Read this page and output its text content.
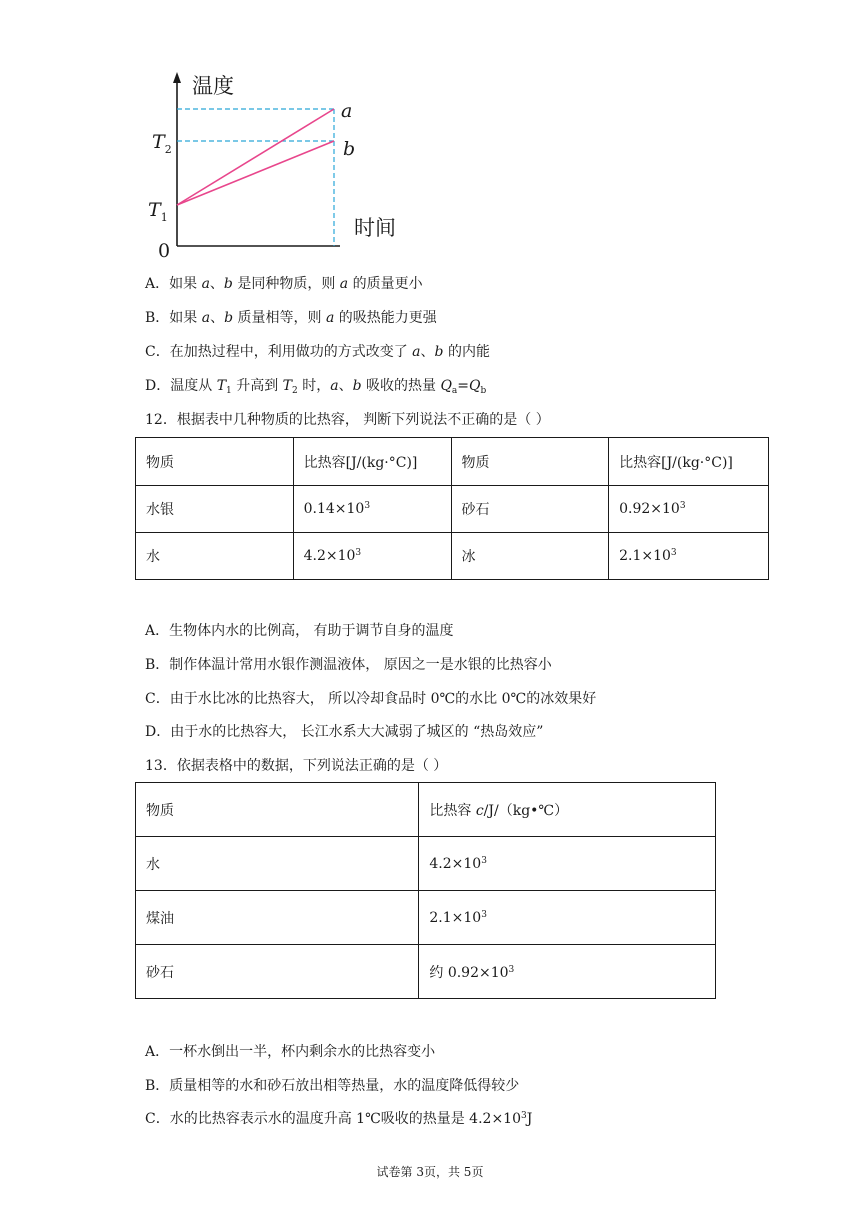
温度
时间
0
$T_2$
$T_1$
a
b
A．如果 a、b 是同种物质，则 a 的质量更小
B．如果 a、b 质量相等，则 a 的吸热能力更强
C．在加热过程中，利用做功的方式改变了 a、b 的内能
D．温度从 $T_1$ 升高到 $T_2$ 时，a、b 吸收的热量 $Q_a=Q_b$
12．根据表中几种物质的比热容， 判断下列说法不正确的是（ ）
物质	比热容[J/(kg·°C)]	物质	比热容[J/(kg·°C)]
水银	$0.14\times 10^3$	砂石	$0.92\times 10^3$
水	$4.2\times 10^3$	冰	$2.1\times 10^3$
A．生物体内水的比例高， 有助于调节自身的温度
B．制作体温计常用水银作测温液体， 原因之一是水银的比热容小
C．由于水比冰的比热容大， 所以冷却食品时 0℃的水比 0℃的冰效果好
D．由于水的比热容大， 长江水系大大减弱了城区的 “热岛效应”
13．依据表格中的数据，下列说法正确的是（ ）
物质	比热容 c/J/（kg•℃）
水	$4.2\times 10^3$
煤油	$2.1\times 10^3$
砂石	约 $0.92\times 10^3$
A．一杯水倒出一半，杯内剩余水的比热容变小
B．质量相等的水和砂石放出相等热量，水的温度降低得较少
C．水的比热容表示水的温度升高 1℃吸收的热量是 $4.2\times 10^3J$
试卷第 3页，共 5页
